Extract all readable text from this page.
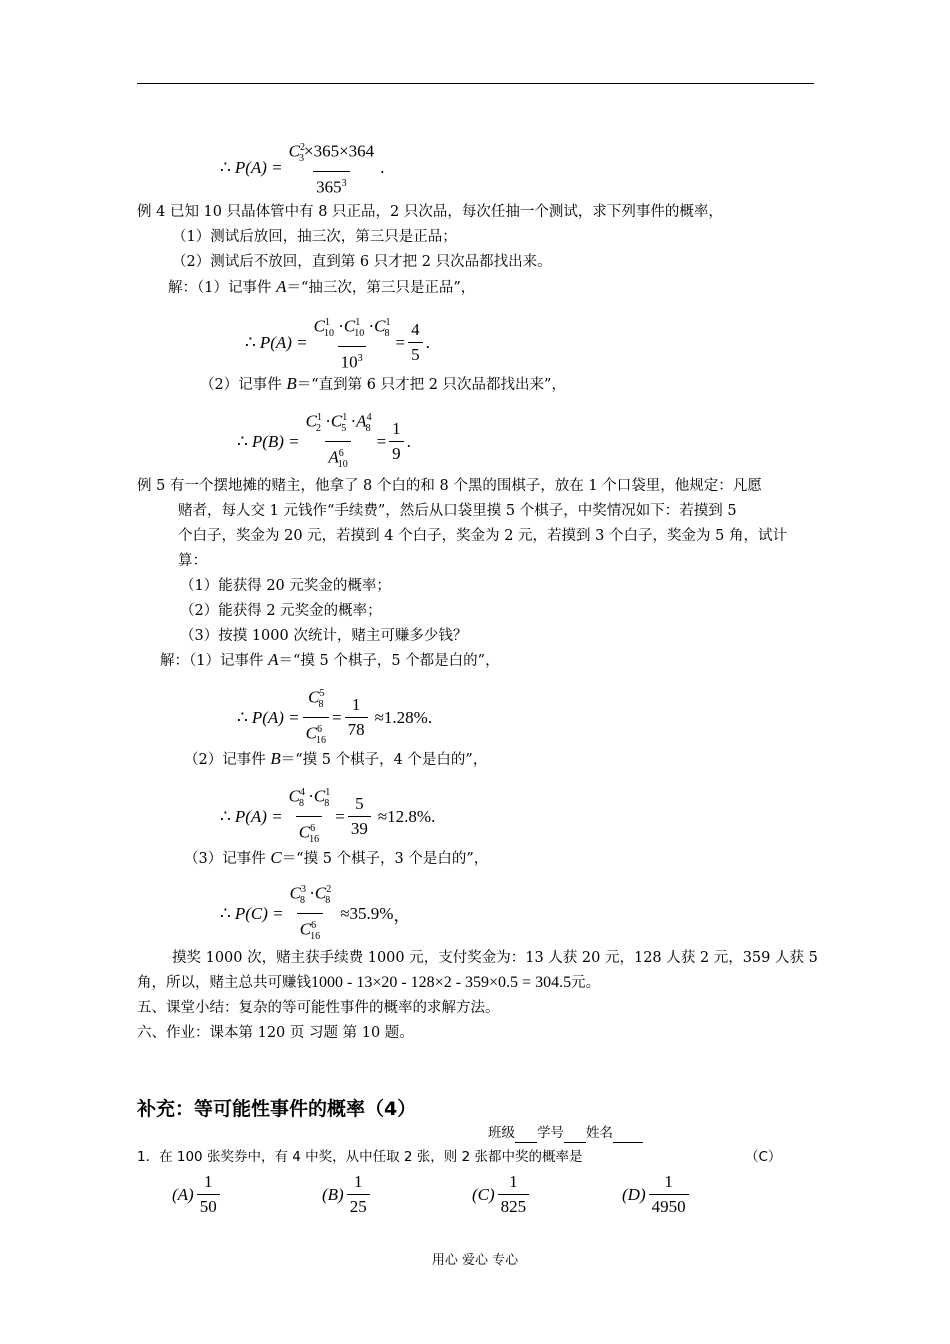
∴ $P(A) = \frac{C^2_3\times 365\times 364}{365^3}$ .
例 4 已知 10 只晶体管中有 8 只正品，2 只次品，每次任抽一个测试，求下列事件的概率，
（1）测试后放回，抽三次，第三只是正品；
（2）测试后不放回，直到第 6 只才把 2 只次品都找出来。
解：（1）记事件 A＝“抽三次，第三只是正品”，
∴ $P(A) = \frac{C^1_{10} \cdot C^1_{10} \cdot C^1_8}{10^3} = \frac{4}{5}$ .
（2）记事件 B＝“直到第 6 只才把 2 只次品都找出来”，
∴ $P(B) = \frac{C^1_2 \cdot C^1_5 \cdot A^4_8}{A^6_{10}} = \frac{1}{9}$ .
例 5 有一个摆地摊的赌主，他拿了 8 个白的和 8 个黑的围棋子，放在 1 个口袋里，他规定：凡愿
赌者，每人交 1 元钱作“手续费”，然后从口袋里摸 5 个棋子，中奖情况如下：若摸到 5
个白子，奖金为 20 元，若摸到 4 个白子，奖金为 2 元，若摸到 3 个白子，奖金为 5 角，试计
算：
（1）能获得 20 元奖金的概率；
（2）能获得 2 元奖金的概率；
（3）按摸 1000 次统计，赌主可赚多少钱？
解：（1）记事件 A＝“摸 5 个棋子，5 个都是白的”，
∴ $P(A) = \frac{C^5_8}{C^6_{16}} = \frac{1}{78} \approx 1.28\%$ .
（2）记事件 B＝“摸 5 个棋子，4 个是白的”，
∴ $P(A) = \frac{C^4_8 \cdot C^1_8}{C^6_{16}} = \frac{5}{39} \approx 12.8\%$ .
（3）记事件 C＝“摸 5 个棋子，3 个是白的”，
∴ $P(C) = \frac{C^3_8 \cdot C^2_8}{C^6_{16}} \approx 35.9\%$ ，
摸奖 1000 次，赌主获手续费 1000 元，支付奖金为：13 人获 20 元，128 人获 2 元，359 人获 5
角，所以，赌主总共可赚钱1000 - 13×20 - 128×2 - 359×0.5 = 304.5元。
五、课堂小结：复杂的等可能性事件的概率的求解方法。
六、作业：课本第 120 页 习题 第 10 题。
补充：等可能性事件的概率（4）
班级 学号 姓名
1．在 100 张奖券中，有 4 中奖，从中任取 2 张，则 2 张都中奖的概率是	（C）
$(A) \frac{1}{50}$	$(B) \frac{1}{25}$	$(C) \frac{1}{825}$	$(D) \frac{1}{4950}$
用心 爱心 专心
